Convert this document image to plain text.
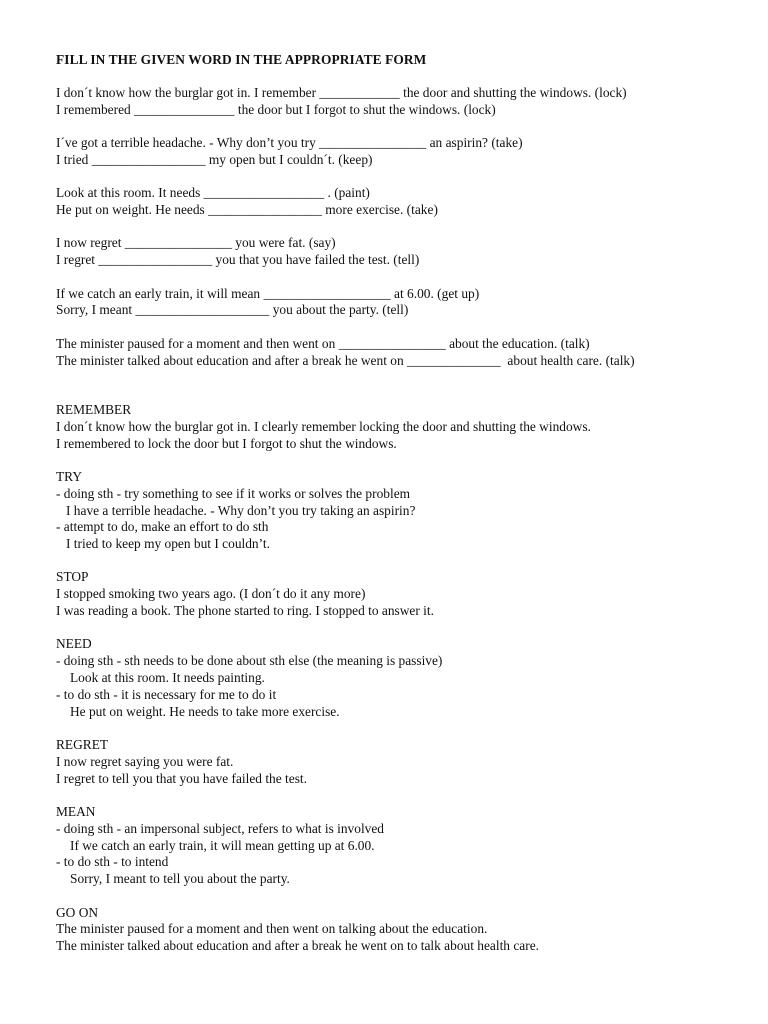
FILL IN THE GIVEN WORD IN THE APPROPRIATE FORM
I don´t know how the burglar got in. I remember ____________ the door and shutting the windows. (lock)
I remembered _______________ the door but I forgot to shut the windows. (lock)
I´ve got a terrible headache. - Why don’t you try ________________ an aspirin? (take)
I tried _________________ my open but I couldn´t. (keep)
Look at this room. It needs __________________ . (paint)
He put on weight. He needs _________________ more exercise. (take)
I now regret ________________ you were fat. (say)
I regret _________________ you that you have failed the test. (tell)
If we catch an early train, it will mean ___________________ at 6.00. (get up)
Sorry, I meant ____________________ you about the party. (tell)
The minister paused for a moment and then went on ________________ about the education. (talk)
The minister talked about education and after a break he went on ______________  about health care. (talk)
REMEMBER
I don´t know how the burglar got in. I clearly remember locking the door and shutting the windows.
I remembered to lock the door but I forgot to shut the windows.
TRY
- doing sth - try something to see if it works or solves the problem
I have a terrible headache. - Why don’t you try taking an aspirin?
- attempt to do, make an effort to do sth
I tried to keep my open but I couldn’t.
STOP
I stopped smoking two years ago. (I don´t do it any more)
I was reading a book. The phone started to ring. I stopped to answer it.
NEED
- doing sth - sth needs to be done about sth else (the meaning is passive)
Look at this room. It needs painting.
- to do sth - it is necessary for me to do it
He put on weight. He needs to take more exercise.
REGRET
I now regret saying you were fat.
I regret to tell you that you have failed the test.
MEAN
- doing sth - an impersonal subject, refers to what is involved
If we catch an early train, it will mean getting up at 6.00.
- to do sth - to intend
Sorry, I meant to tell you about the party.
GO ON
The minister paused for a moment and then went on talking about the education.
The minister talked about education and after a break he went on to talk about health care.
